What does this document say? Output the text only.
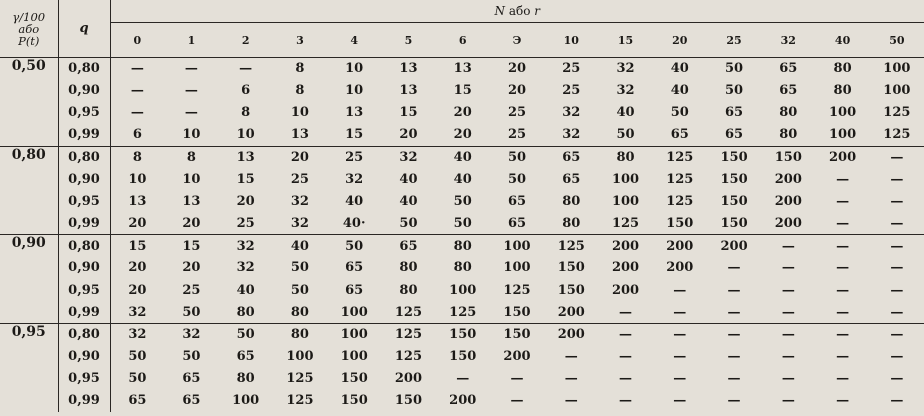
γ/100
або
P(t)	q	N або r														
		0	1	2	3	4	5	6	Э	10	15	20	25	32	40	50
0,50	0,80	—	—	—	8	10	13	13	20	25	32	40	50	65	80	100
	0,90	—	—	6	8	10	13	15	20	25	32	40	50	65	80	100
	0,95	—	—	8	10	13	15	20	25	32	40	50	65	80	100	125
	0,99	6	10	10	13	15	20	20	25	32	50	65	65	80	100	125
0,80	0,80	8	8	13	20	25	32	40	50	65	80	125	150	150	200	—
	0,90	10	10	15	25	32	40	40	50	65	100	125	150	200	—	—
	0,95	13	13	20	32	40	40	50	65	80	100	125	150	200	—	—
	0,99	20	20	25	32	40·	50	50	65	80	125	150	150	200	—	—
0,90	0,80	15	15	32	40	50	65	80	100	125	200	200	200	—	—	—
	0,90	20	20	32	50	65	80	80	100	150	200	200	—	—	—	—
	0,95	20	25	40	50	65	80	100	125	150	200	—	—	—	—	—
	0,99	32	50	80	80	100	125	125	150	200	—	—	—	—	—	—
0,95	0,80	32	32	50	80	100	125	150	150	200	—	—	—	—	—	—
	0,90	50	50	65	100	100	125	150	200	—	—	—	—	—	—	—
	0,95	50	65	80	125	150	200	—	—	—	—	—	—	—	—	—
	0,99	65	65	100	125	150	150	200	—	—	—	—	—	—	—	—
